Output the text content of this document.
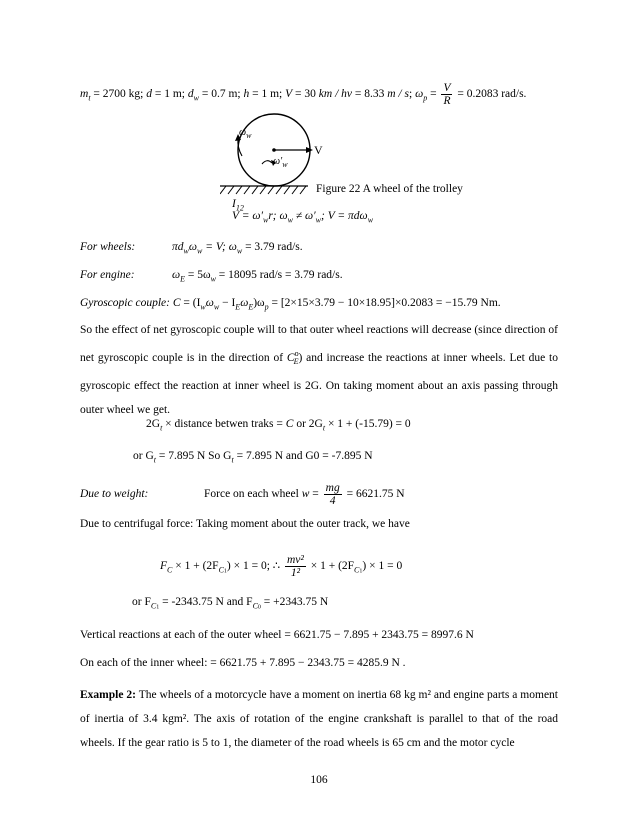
$m_t = 2700$ kg; d = 1 m; $d_w = 0.7$ m; h = 1 m; V = 30 km / hv = 8.33 m / s; $\omega_p = \frac{V}{R} = 0.2083$ rad/s.
$\omega_w$
$\omega'_w$
V
$I_{12}$
$V = \omega'_wr$; $\omega_w \ne \omega'_w$; V = πdω$_w$
Figure 22 A wheel of the trolley
For wheels:	$\pi d_w\omega_w = V$; $\omega_w = 3.79$ rad/s.
For engine:	$\omega_E = 5\omega_w = 18095$ rad/s = 3.79 rad/s.
Gyroscopic couple: $C = (I_w\omega_w - I_E\omega_E)\omega_p = [2\times 15\times 3.79 - 10\times 18.95]\times 0.2083 = -15.79$ Nm.
So the effect of net gyroscopic couple will to that outer wheel reactions will decrease (since direction of net gyroscopic couple is in the direction of $C^o_E$) and increase the reactions at inner wheels. Let due to gyroscopic effect the reaction at inner wheel is 2G. On taking moment about an axis passing through outer wheel we get.
$2G_t$ × distance betwen traks = C or $2G_t \times 1 + (-15.79) = 0$
or $G_t = 7.895$ N So $G_t = 7.895$ N and G0 = -7.895 N
Due to weight:	Force on each wheel $w = \frac{mg}{4} = 6621.75$ N
Due to centrifugal force: Taking moment about the outer track, we have
$F_C \times 1 + (2F_{C1}) \times 1 = 0$; ∴ $\frac{\text{mv²}}{\text{1²}} \times 1 + (2F_{C1}) \times 1 = 0$
or $F_{C1} = -2343.75$ N and $F_{C0} = +2343.75$ N
Vertical reactions at each of the outer wheel = 6621.75 − 7.895 + 2343.75 = 8997.6 N
On each of the inner wheel: = 6621.75 + 7.895 − 2343.75 = 4285.9 N .
Example 2: The wheels of a motorcycle have a moment on inertia 68 kg m² and engine parts a moment of inertia of 3.4 kgm². The axis of rotation of the engine crankshaft is parallel to that of the road wheels. If the gear ratio is 5 to 1, the diameter of the road wheels is 65 cm and the motor cycle
106
